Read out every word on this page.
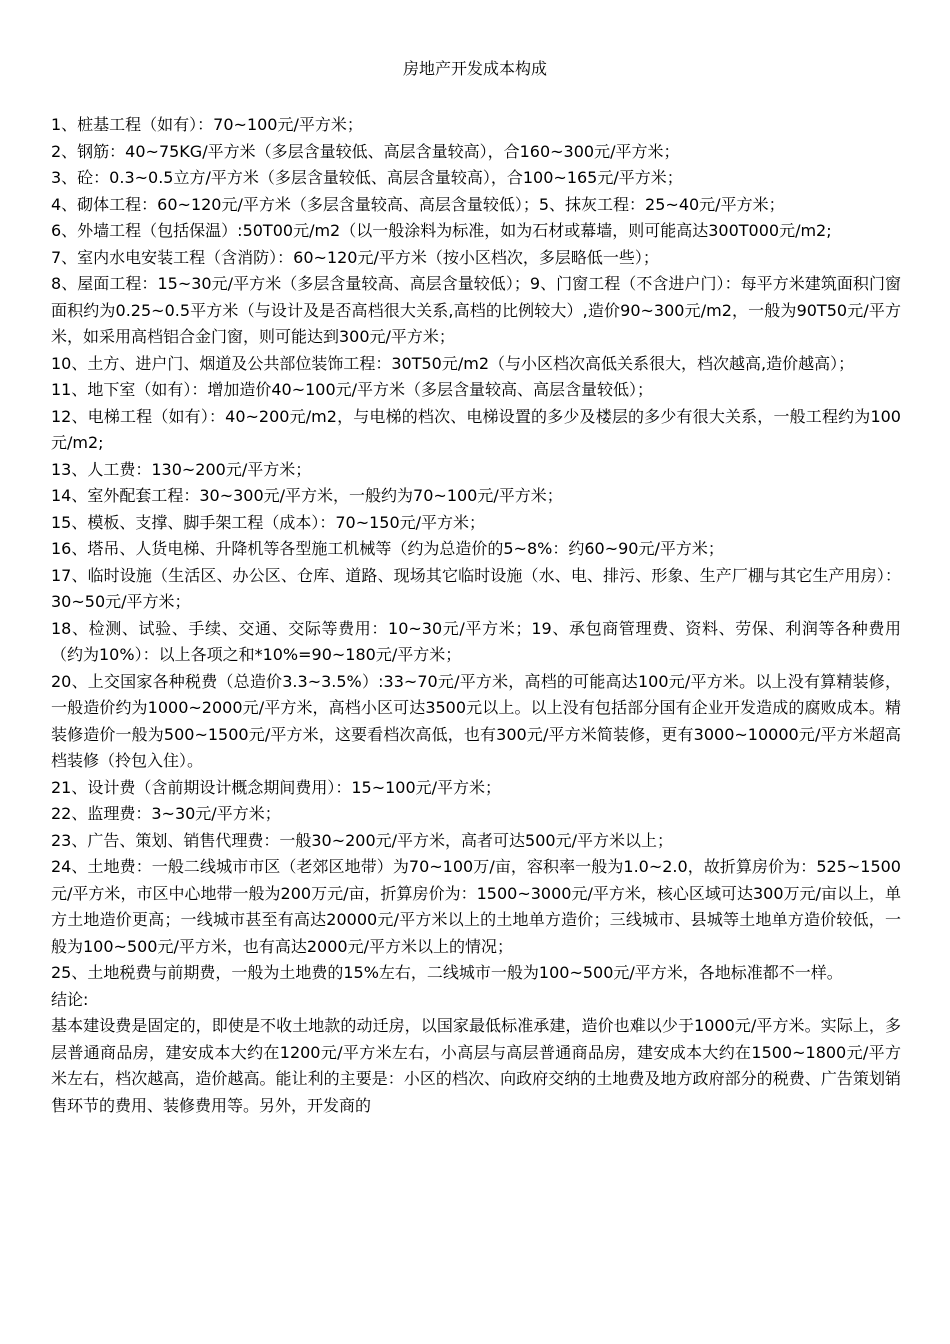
房地产开发成本构成

1、桩基工程（如有）：70~100元/平方米；

2、钢筋：40~75KG/平方米（多层含量较低、高层含量较高），合160~300元/平方米；

3、砼：0.3~0.5立方/平方米（多层含量较低、高层含量较高），合100~165元/平方米；

4、砌体工程：60~120元/平方米（多层含量较高、高层含量较低）；5、抹灰工程：25~40元/平方米；

6、外墙工程（包括保温）:50T00元/m2（以一般涂料为标准，如为石材或幕墙，则可能高达300T000元/m2;

7、室内水电安装工程（含消防）：60~120元/平方米（按小区档次，多层略低一些）；

8、屋面工程：15~30元/平方米（多层含量较高、高层含量较低）；9、门窗工程（不含进户门）：每平方米建筑面积门窗面积约为0.25~0.5平方米（与设计及是否高档很大关系,高档的比例较大）,造价90~300元/m2，一般为90T50元/平方米，如采用高档铝合金门窗，则可能达到300元/平方米；

10、土方、进户门、烟道及公共部位装饰工程：30T50元/m2（与小区档次高低关系很大，档次越高,造价越高）；

11、地下室（如有）：增加造价40~100元/平方米（多层含量较高、高层含量较低）；

12、电梯工程（如有）：40~200元/m2，与电梯的档次、电梯设置的多少及楼层的多少有很大关系，一般工程约为100元/m2;

13、人工费：130~200元/平方米；

14、室外配套工程：30~300元/平方米，一般约为70~100元/平方米；

15、模板、支撑、脚手架工程（成本）：70~150元/平方米；

16、塔吊、人货电梯、升降机等各型施工机械等（约为总造价的5~8%：约60~90元/平方米；

17、临时设施（生活区、办公区、仓库、道路、现场其它临时设施（水、电、排污、形象、生产厂棚与其它生产用房）：30~50元/平方米；

18、检测、试验、手续、交通、交际等费用：10~30元/平方米；19、承包商管理费、资料、劳保、利润等各种费用（约为10%）：以上各项之和*10%=90~180元/平方米；

20、上交国家各种税费（总造价3.3~3.5%）:33~70元/平方米，高档的可能高达100元/平方米。以上没有算精装修，一般造价约为1000~2000元/平方米，高档小区可达3500元以上。以上没有包括部分国有企业开发造成的腐败成本。精装修造价一般为500~1500元/平方米，这要看档次高低，也有300元/平方米简装修，更有3000~10000元/平方米超高档装修（拎包入住）。

21、设计费（含前期设计概念期间费用）：15~100元/平方米；

22、监理费：3~30元/平方米；

23、广告、策划、销售代理费：一般30~200元/平方米，高者可达500元/平方米以上；

24、土地费：一般二线城市市区（老郊区地带）为70~100万/亩，容积率一般为1.0~2.0，故折算房价为：525~1500元/平方米，市区中心地带一般为200万元/亩，折算房价为：1500~3000元/平方米，核心区域可达300万元/亩以上，单方土地造价更高；一线城市甚至有高达20000元/平方米以上的土地单方造价；三线城市、县城等土地单方造价较低，一般为100~500元/平方米，也有高达2000元/平方米以上的情况；

25、土地税费与前期费，一般为土地费的15%左右，二线城市一般为100~500元/平方米，各地标准都不一样。

结论:

基本建设费是固定的，即使是不收土地款的动迁房，以国家最低标准承建，造价也难以少于1000元/平方米。实际上，多层普通商品房，建安成本大约在1200元/平方米左右，小高层与高层普通商品房，建安成本大约在1500~1800元/平方米左右，档次越高，造价越高。能让利的主要是：小区的档次、向政府交纳的土地费及地方政府部分的税费、广告策划销售环节的费用、装修费用等。另外，开发商的
